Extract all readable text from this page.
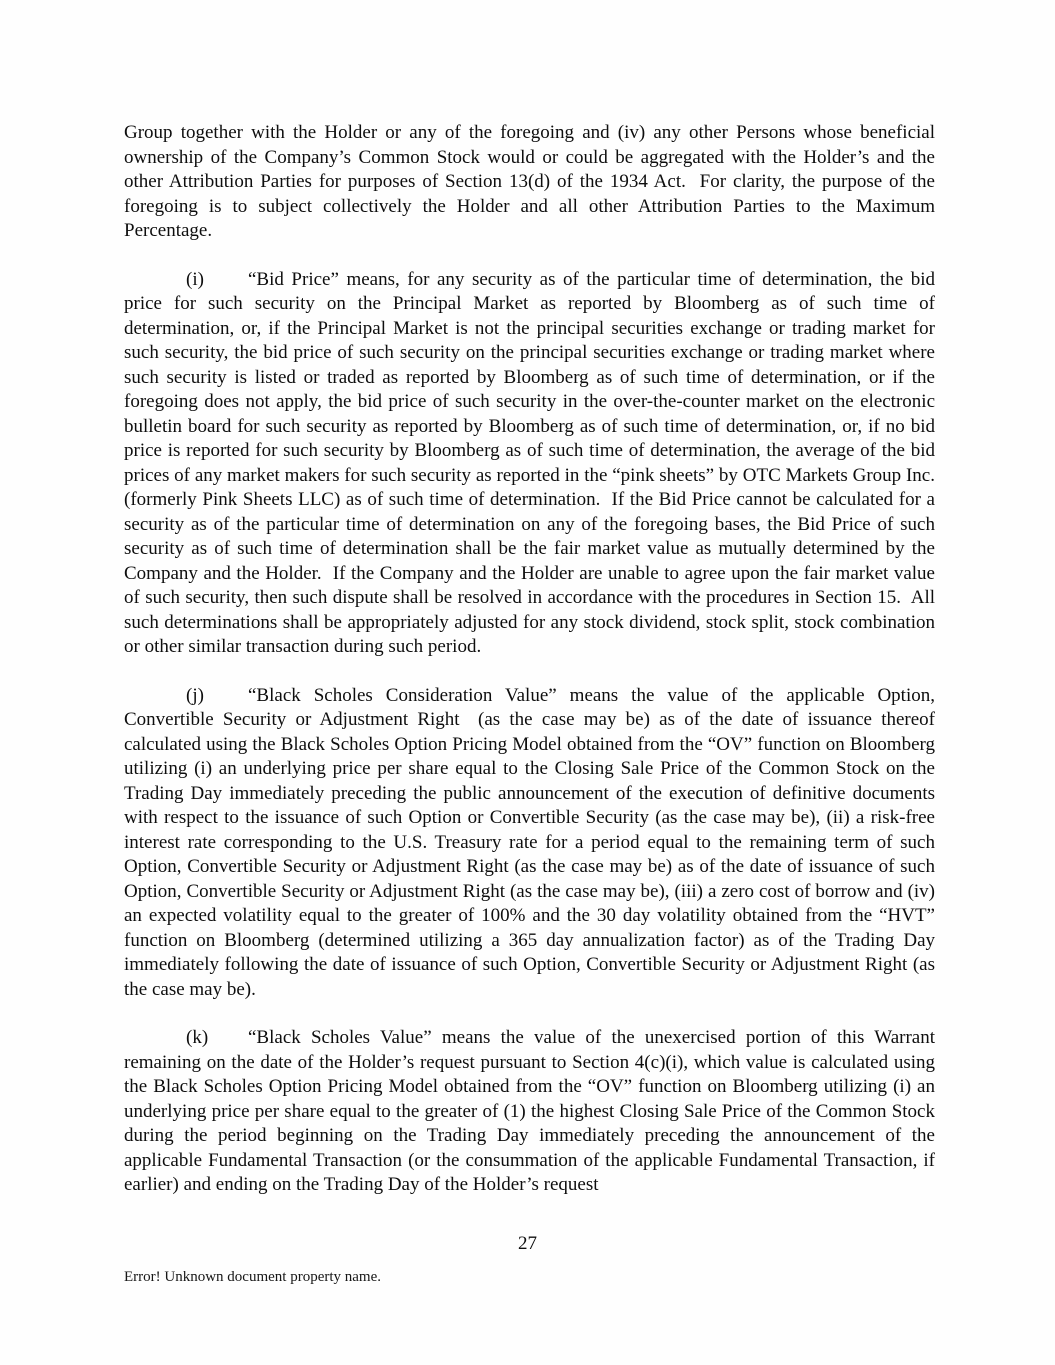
Group together with the Holder or any of the foregoing and (iv) any other Persons whose beneficial ownership of the Company’s Common Stock would or could be aggregated with the Holder’s and the other Attribution Parties for purposes of Section 13(d) of the 1934 Act.  For clarity, the purpose of the foregoing is to subject collectively the Holder and all other Attribution Parties to the Maximum Percentage.

(i) “Bid Price” means, for any security as of the particular time of determination, the bid price for such security on the Principal Market as reported by Bloomberg as of such time of determination, or, if the Principal Market is not the principal securities exchange or trading market for such security, the bid price of such security on the principal securities exchange or trading market where such security is listed or traded as reported by Bloomberg as of such time of determination, or if the foregoing does not apply, the bid price of such security in the over-the-counter market on the electronic bulletin board for such security as reported by Bloomberg as of such time of determination, or, if no bid price is reported for such security by Bloomberg as of such time of determination, the average of the bid prices of any market makers for such security as reported in the “pink sheets” by OTC Markets Group Inc. (formerly Pink Sheets LLC) as of such time of determination.  If the Bid Price cannot be calculated for a security as of the particular time of determination on any of the foregoing bases, the Bid Price of such security as of such time of determination shall be the fair market value as mutually determined by the Company and the Holder.  If the Company and the Holder are unable to agree upon the fair market value of such security, then such dispute shall be resolved in accordance with the procedures in Section 15.  All such determinations shall be appropriately adjusted for any stock dividend, stock split, stock combination or other similar transaction during such period.

(j) “Black Scholes Consideration Value” means the value of the applicable Option, Convertible Security or Adjustment Right  (as the case may be) as of the date of issuance thereof calculated using the Black Scholes Option Pricing Model obtained from the “OV” function on Bloomberg utilizing (i) an underlying price per share equal to the Closing Sale Price of the Common Stock on the Trading Day immediately preceding the public announcement of the execution of definitive documents with respect to the issuance of such Option or Convertible Security (as the case may be), (ii) a risk-free interest rate corresponding to the U.S. Treasury rate for a period equal to the remaining term of such Option, Convertible Security or Adjustment Right (as the case may be) as of the date of issuance of such Option, Convertible Security or Adjustment Right (as the case may be), (iii) a zero cost of borrow and (iv) an expected volatility equal to the greater of 100% and the 30 day volatility obtained from the “HVT” function on Bloomberg (determined utilizing a 365 day annualization factor) as of the Trading Day immediately following the date of issuance of such Option, Convertible Security or Adjustment Right (as the case may be).

(k) “Black Scholes Value” means the value of the unexercised portion of this Warrant remaining on the date of the Holder’s request pursuant to Section 4(c)(i), which value is calculated using the Black Scholes Option Pricing Model obtained from the “OV” function on Bloomberg utilizing (i) an underlying price per share equal to the greater of (1) the highest Closing Sale Price of the Common Stock during the period beginning on the Trading Day immediately preceding the announcement of the applicable Fundamental Transaction (or the consummation of the applicable Fundamental Transaction, if earlier) and ending on the Trading Day of the Holder’s request

27
Error! Unknown document property name.
